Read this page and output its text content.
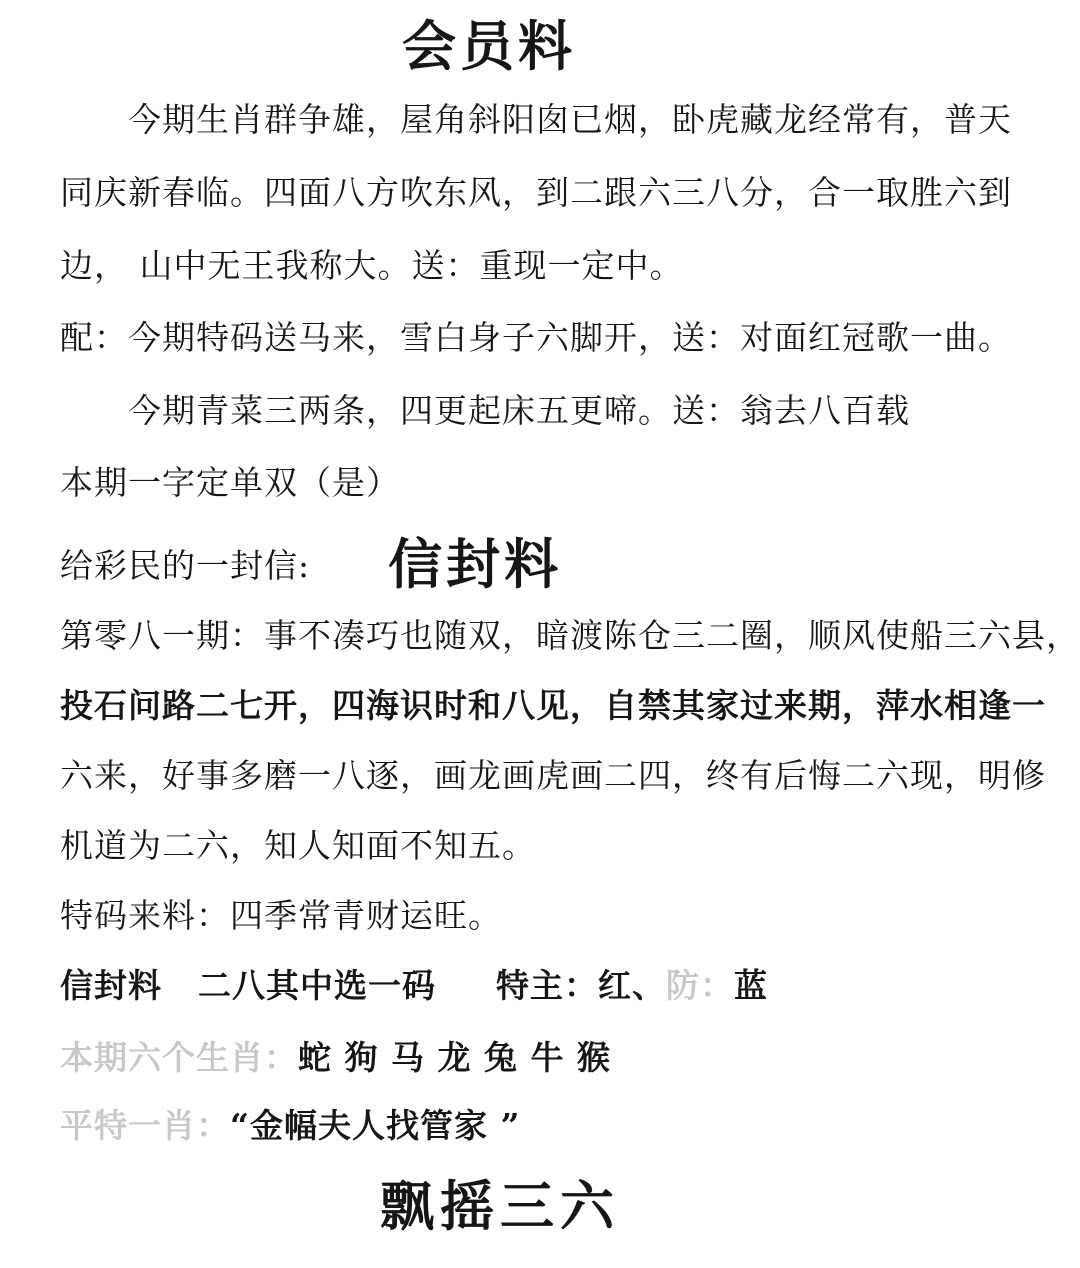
会员料
今期生肖群争雄，屋角斜阳囱已烟，卧虎藏龙经常有，普天
同庆新春临。四面八方吹东风，到二跟六三八分，合一取胜六到
边， 山中无王我称大。送：重现一定中。
配：今期特码送马来，雪白身子六脚开，送：对面红冠歌一曲。
今期青菜三两条，四更起床五更啼。送：翁去八百载
本期一字定单双（是）
给彩民的一封信: 信封料
第零八一期：事不凑巧也随双，暗渡陈仓三二圈，顺风使船三六县，
投石问路二七开，四海识时和八见，自禁其家过来期，萍水相逢一
六来，好事多磨一八逐，画龙画虎画二四，终有后悔二六现，明修
机道为二六，知人知面不知五。
特码来料：四季常青财运旺。
信封料 二八其中选一码 特主：红、防：蓝
本期六个生肖：蛇 狗 马 龙 兔 牛 猴
平特一肖：“金幅夫人找管家 ”
飘摇三六
